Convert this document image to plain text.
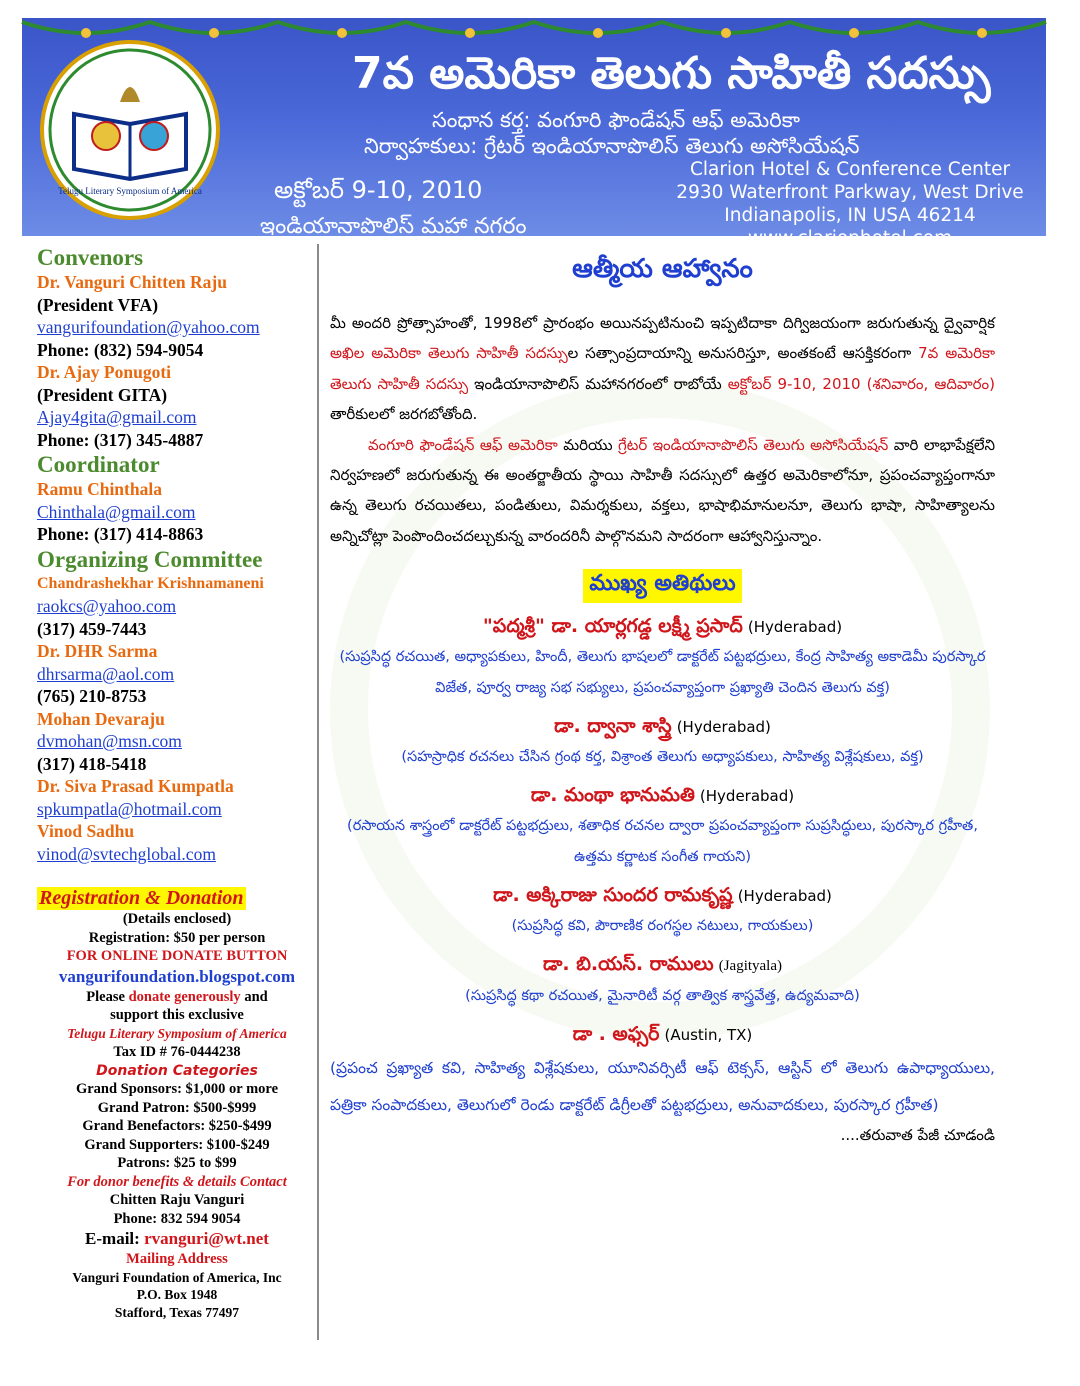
Telugu Literary Symposium of America
7వ అమెరికా తెలుగు సాహితీ సదస్సు
సంధాన కర్త: వంగూరి ఫౌండేషన్ ఆఫ్ అమెరికా
నిర్వాహకులు: గ్రేటర్ ఇండియానాపొలిస్ తెలుగు అసోసియేషన్
అక్టోబర్ 9-10, 2010
ఇండియానాపొలిస్ మహా నగరం
Clarion Hotel & Conference Center
2930 Waterfront Parkway, West Drive
Indianapolis, IN USA 46214
www.clarionhotel.com
Convenors
Dr. Vanguri Chitten Raju
(President VFA)
vangurifoundation@yahoo.com
Phone: (832) 594-9054
Dr. Ajay Ponugoti
(President GITA)
Ajay4gita@gmail.com
Phone: (317) 345-4887
Coordinator
Ramu Chinthala
Chinthala@gmail.com
Phone: (317) 414-8863
Organizing Committee
Chandrashekhar Krishnamaneni
raokcs@yahoo.com
(317) 459-7443
Dr. DHR Sarma
dhrsarma@aol.com
(765) 210-8753
Mohan Devaraju
dvmohan@msn.com
(317) 418-5418
Dr. Siva Prasad Kumpatla
spkumpatla@hotmail.com
Vinod Sadhu
vinod@svtechglobal.com
Registration & Donation
(Details enclosed)
Registration: $50 per person
FOR ONLINE DONATE BUTTON
vangurifoundation.blogspot.com
Please donate generously and
support this exclusive
Telugu Literary Symposium of America
Tax ID # 76-0444238
Donation Categories
Grand Sponsors: $1,000 or more
Grand Patron: $500-$999
Grand Benefactors: $250-$499
Grand Supporters: $100-$249
Patrons: $25 to $99
For donor benefits & details Contact
Chitten Raju Vanguri
Phone: 832 594 9054
E-mail: rvanguri@wt.net
Mailing Address
Vanguri Foundation of America, Inc
P.O. Box 1948
Stafford, Texas 77497
ఆత్మీయ ఆహ్వానం
మీ అందరి ప్రోత్సాహంతో, 1998లో ప్రారంభం అయినప్పటినుంచి ఇప్పటిదాకా దిగ్విజయంగా జరుగుతున్న ద్వైవార్షిక అఖిల అమెరికా తెలుగు సాహితీ సదస్సుల సత్సాంప్రదాయాన్ని అనుసరిస్తూ, అంతకంటే ఆసక్తికరంగా 7వ అమెరికా తెలుగు సాహితీ సదస్సు ఇండియానాపొలిస్ మహానగరంలో రాబోయే అక్టోబర్ 9-10, 2010 (శనివారం, ఆదివారం) తారీకులలో జరగబోతోంది.
వంగూరి ఫౌండేషన్ ఆఫ్ అమెరికా మరియు గ్రేటర్ ఇండియానాపొలిస్ తెలుగు అసోసియేషన్ వారి లాభాపేక్షలేని నిర్వహణలో జరుగుతున్న ఈ అంతర్జాతీయ స్థాయి సాహితీ సదస్సులో ఉత్తర అమెరికాలోనూ, ప్రపంచవ్యాప్తంగానూ ఉన్న తెలుగు రచయితలు, పండితులు, విమర్శకులు, వక్తలు, భాషాభిమానులనూ, తెలుగు భాషా, సాహిత్యాలను అన్నిచోట్లా పెంపొందించదల్చుకున్న వారందరినీ పాల్గొనమని సాదరంగా ఆహ్వానిస్తున్నాం.
ముఖ్య అతిథులు
"పద్మశ్రీ" డా. యార్లగడ్డ లక్ష్మీ ప్రసాద్ (Hyderabad)
(సుప్రసిద్ధ రచయిత, అధ్యాపకులు, హిందీ, తెలుగు భాషలలో డాక్టరేట్ పట్టభద్రులు, కేంద్ర సాహిత్య అకాడెమీ పురస్కార విజేత, పూర్వ రాజ్య సభ సభ్యులు, ప్రపంచవ్యాప్తంగా ప్రఖ్యాతి చెందిన తెలుగు వక్త)
డా. ద్వానా శాస్త్రి (Hyderabad)
(సహస్రాధిక రచనలు చేసిన గ్రంథ కర్త, విశ్రాంత తెలుగు అధ్యాపకులు, సాహిత్య విశ్లేషకులు, వక్త)
డా. మంథా భానుమతి (Hyderabad)
(రసాయన శాస్త్రంలో డాక్టరేట్ పట్టభద్రులు, శతాధిక రచనల ద్వారా ప్రపంచవ్యాప్తంగా సుప్రసిద్ధులు, పురస్కార గ్రహీత, ఉత్తమ కర్ణాటక సంగీత గాయని)
డా. అక్కిరాజు సుందర రామకృష్ణ (Hyderabad)
(సుప్రసిద్ధ కవి, పౌరాణిక రంగస్థల నటులు, గాయకులు)
డా. బి.యస్. రాములు (Jagityala)
(సుప్రసిద్ధ కథా రచయిత, మైనారిటీ వర్గ తాత్విక శాస్త్రవేత్త, ఉద్యమవాది)
డా . అఫ్సర్ (Austin, TX)
(ప్రపంచ ప్రఖ్యాత కవి, సాహిత్య విశ్లేషకులు, యూనివర్సిటీ ఆఫ్ టెక్సస్, ఆస్టిన్ లో తెలుగు ఉపాధ్యాయులు, పత్రికా సంపాదకులు, తెలుగులో రెండు డాక్టరేట్ డిగ్రీలతో పట్టభద్రులు, అనువాదకులు, పురస్కార గ్రహీత)
....తరువాత పేజీ చూడండి
